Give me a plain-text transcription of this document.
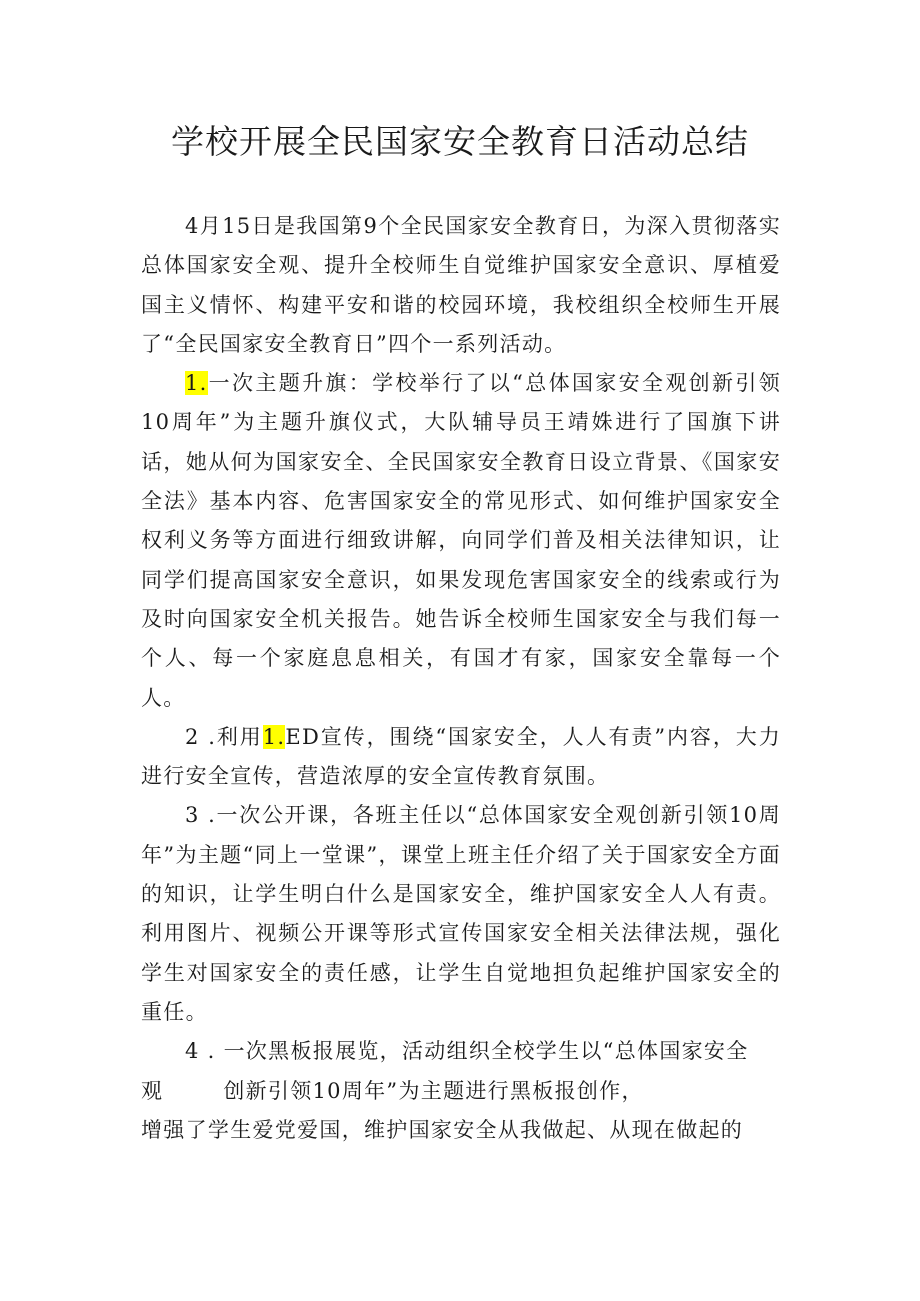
学校开展全民国家安全教育日活动总结

4月15日是我国第9个全民国家安全教育日，为深入贯彻落实总体国家安全观、提升全校师生自觉维护国家安全意识、厚植爱国主义情怀、构建平安和谐的校园环境，我校组织全校师生开展了“全民国家安全教育日”四个一系列活动。

1.一次主题升旗：学校举行了以“总体国家安全观创新引领10周年”为主题升旗仪式，大队辅导员王靖姝进行了国旗下讲话，她从何为国家安全、全民国家安全教育日设立背景、《国家安全法》基本内容、危害国家安全的常见形式、如何维护国家安全权利义务等方面进行细致讲解，向同学们普及相关法律知识，让同学们提高国家安全意识，如果发现危害国家安全的线索或行为及时向国家安全机关报告。她告诉全校师生国家安全与我们每一个人、每一个家庭息息相关，有国才有家，国家安全靠每一个人。

2 .利用1.ED宣传，围绕“国家安全，人人有责”内容，大力进行安全宣传，营造浓厚的安全宣传教育氛围。

3 .一次公开课，各班主任以“总体国家安全观创新引领10周年”为主题“同上一堂课”，课堂上班主任介绍了关于国家安全方面的知识，让学生明白什么是国家安全，维护国家安全人人有责。利用图片、视频公开课等形式宣传国家安全相关法律法规，强化学生对国家安全的责任感，让学生自觉地担负起维护国家安全的重任。

4 . 一次黑板报展览，活动组织全校学生以“总体国家安全

观	创新引领10周年”为主题进行黑板报创作，

增强了学生爱党爱国，维护国家安全从我做起、从现在做起的
